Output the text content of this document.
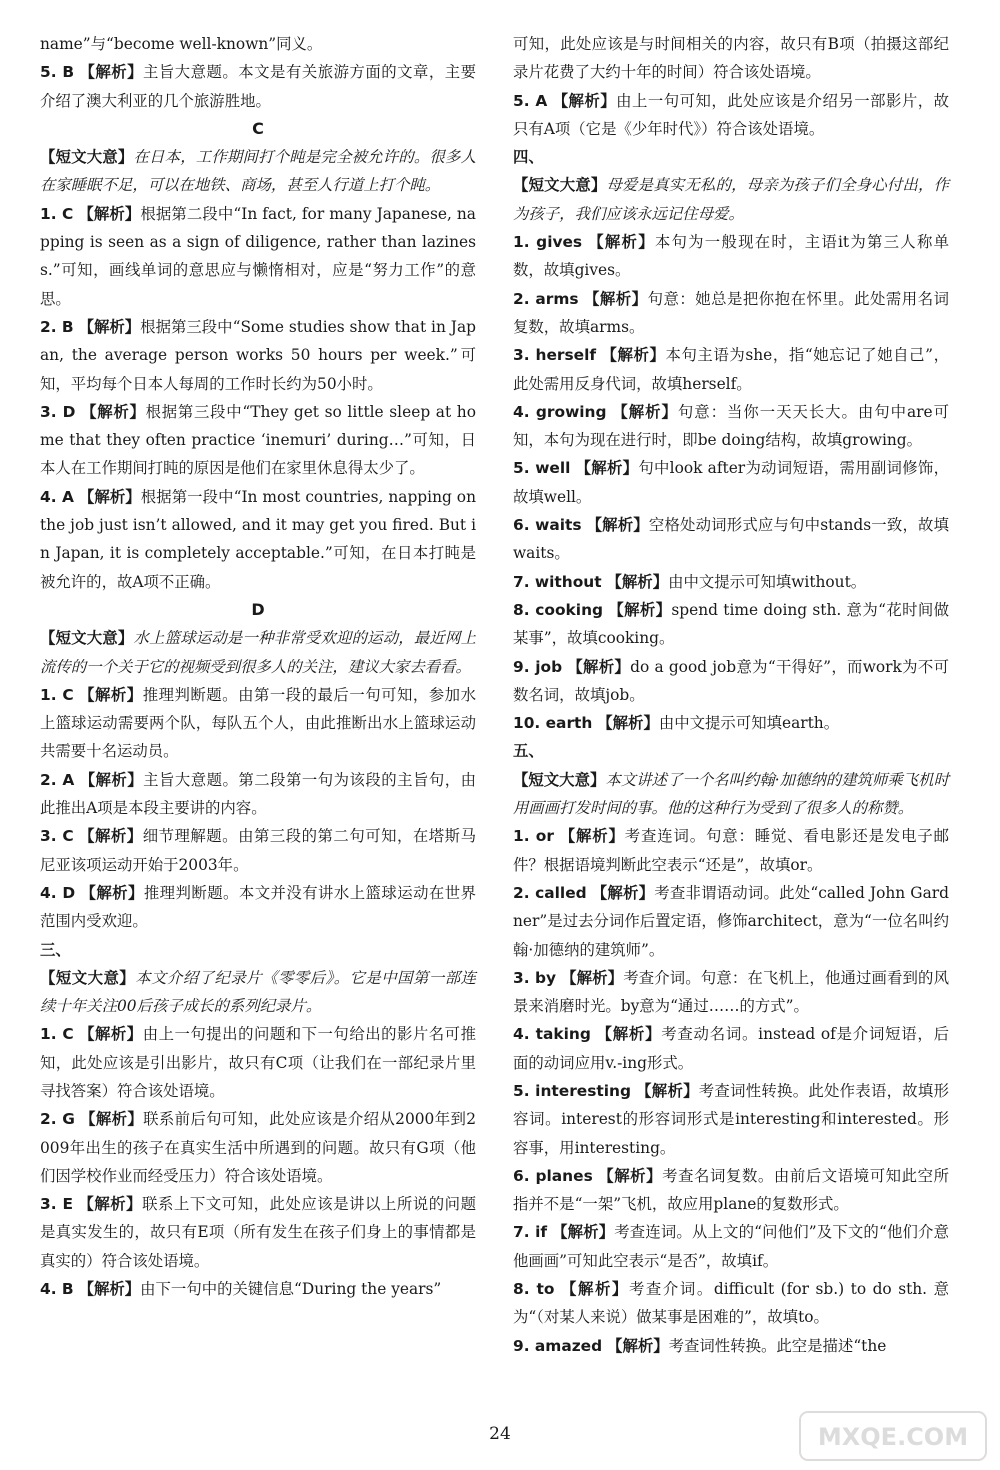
name”与“become well-known”同义。

5. B 【解析】主旨大意题。本文是有关旅游方面的文章，主要介绍了澳大利亚的几个旅游胜地。

C

【短文大意】在日本，工作期间打个盹是完全被允许的。很多人在家睡眠不足，可以在地铁、商场，甚至人行道上打个盹。

1. C 【解析】根据第二段中“In fact, for many Japanese, napping is seen as a sign of diligence, rather than laziness.”可知，画线单词的意思应与懒惰相对，应是“努力工作”的意思。

2. B 【解析】根据第三段中“Some studies show that in Japan, the average person works 50 hours per week.”可知，平均每个日本人每周的工作时长约为50小时。

3. D 【解析】根据第三段中“They get so little sleep at home that they often practice ‘inemuri’ during…”可知，日本人在工作期间打盹的原因是他们在家里休息得太少了。

4. A 【解析】根据第一段中“In most countries, napping on the job just isn’t allowed, and it may get you fired. But in Japan, it is completely acceptable.”可知，在日本打盹是被允许的，故A项不正确。

D

【短文大意】水上篮球运动是一种非常受欢迎的运动，最近网上流传的一个关于它的视频受到很多人的关注，建议大家去看看。

1. C 【解析】推理判断题。由第一段的最后一句可知，参加水上篮球运动需要两个队，每队五个人，由此推断出水上篮球运动共需要十名运动员。

2. A 【解析】主旨大意题。第二段第一句为该段的主旨句，由此推出A项是本段主要讲的内容。

3. C 【解析】细节理解题。由第三段的第二句可知，在塔斯马尼亚该项运动开始于2003年。

4. D 【解析】推理判断题。本文并没有讲水上篮球运动在世界范围内受欢迎。

三、

【短文大意】本文介绍了纪录片《零零后》。它是中国第一部连续十年关注00后孩子成长的系列纪录片。

1. C 【解析】由上一句提出的问题和下一句给出的影片名可推知，此处应该是引出影片，故只有C项（让我们在一部纪录片里寻找答案）符合该处语境。

2. G 【解析】联系前后句可知，此处应该是介绍从2000年到2009年出生的孩子在真实生活中所遇到的问题。故只有G项（他们因学校作业而经受压力）符合该处语境。

3. E 【解析】联系上下文可知，此处应该是讲以上所说的问题是真实发生的，故只有E项（所有发生在孩子们身上的事情都是真实的）符合该处语境。

4. B 【解析】由下一句中的关键信息“During the years”

可知，此处应该是与时间相关的内容，故只有B项（拍摄这部纪录片花费了大约十年的时间）符合该处语境。

5. A 【解析】由上一句可知，此处应该是介绍另一部影片，故只有A项（它是《少年时代》）符合该处语境。

四、

【短文大意】母爱是真实无私的，母亲为孩子们全身心付出，作为孩子，我们应该永远记住母爱。

1. gives 【解析】本句为一般现在时，主语it为第三人称单数，故填gives。

2. arms 【解析】句意：她总是把你抱在怀里。此处需用名词复数，故填arms。

3. herself 【解析】本句主语为she，指“她忘记了她自己”，此处需用反身代词，故填herself。

4. growing 【解析】句意：当你一天天长大。由句中are可知，本句为现在进行时，即be doing结构，故填growing。

5. well 【解析】句中look after为动词短语，需用副词修饰，故填well。

6. waits 【解析】空格处动词形式应与句中stands一致，故填waits。

7. without 【解析】由中文提示可知填without。

8. cooking 【解析】spend time doing sth. 意为“花时间做某事”，故填cooking。

9. job 【解析】do a good job意为“干得好”，而work为不可数名词，故填job。

10. earth 【解析】由中文提示可知填earth。

五、

【短文大意】本文讲述了一个名叫约翰·加德纳的建筑师乘飞机时用画画打发时间的事。他的这种行为受到了很多人的称赞。

1. or 【解析】考查连词。句意：睡觉、看电影还是发电子邮件？根据语境判断此空表示“还是”，故填or。

2. called 【解析】考查非谓语动词。此处“called John Gardner”是过去分词作后置定语，修饰architect，意为“一位名叫约翰·加德纳的建筑师”。

3. by 【解析】考查介词。句意：在飞机上，他通过画看到的风景来消磨时光。by意为“通过……的方式”。

4. taking 【解析】考查动名词。instead of是介词短语，后面的动词应用v.-ing形式。

5. interesting 【解析】考查词性转换。此处作表语，故填形容词。interest的形容词形式是interesting和interested。形容事，用interesting。

6. planes 【解析】考查名词复数。由前后文语境可知此空所指并不是“一架”飞机，故应用plane的复数形式。

7. if 【解析】考查连词。从上文的“问他们”及下文的“他们介意他画画”可知此空表示“是否”，故填if。

8. to 【解析】考查介词。difficult (for sb.) to do sth. 意为“（对某人来说）做某事是困难的”，故填to。

9. amazed 【解析】考查词性转换。此空是描述“the

24	MXQE.COM
